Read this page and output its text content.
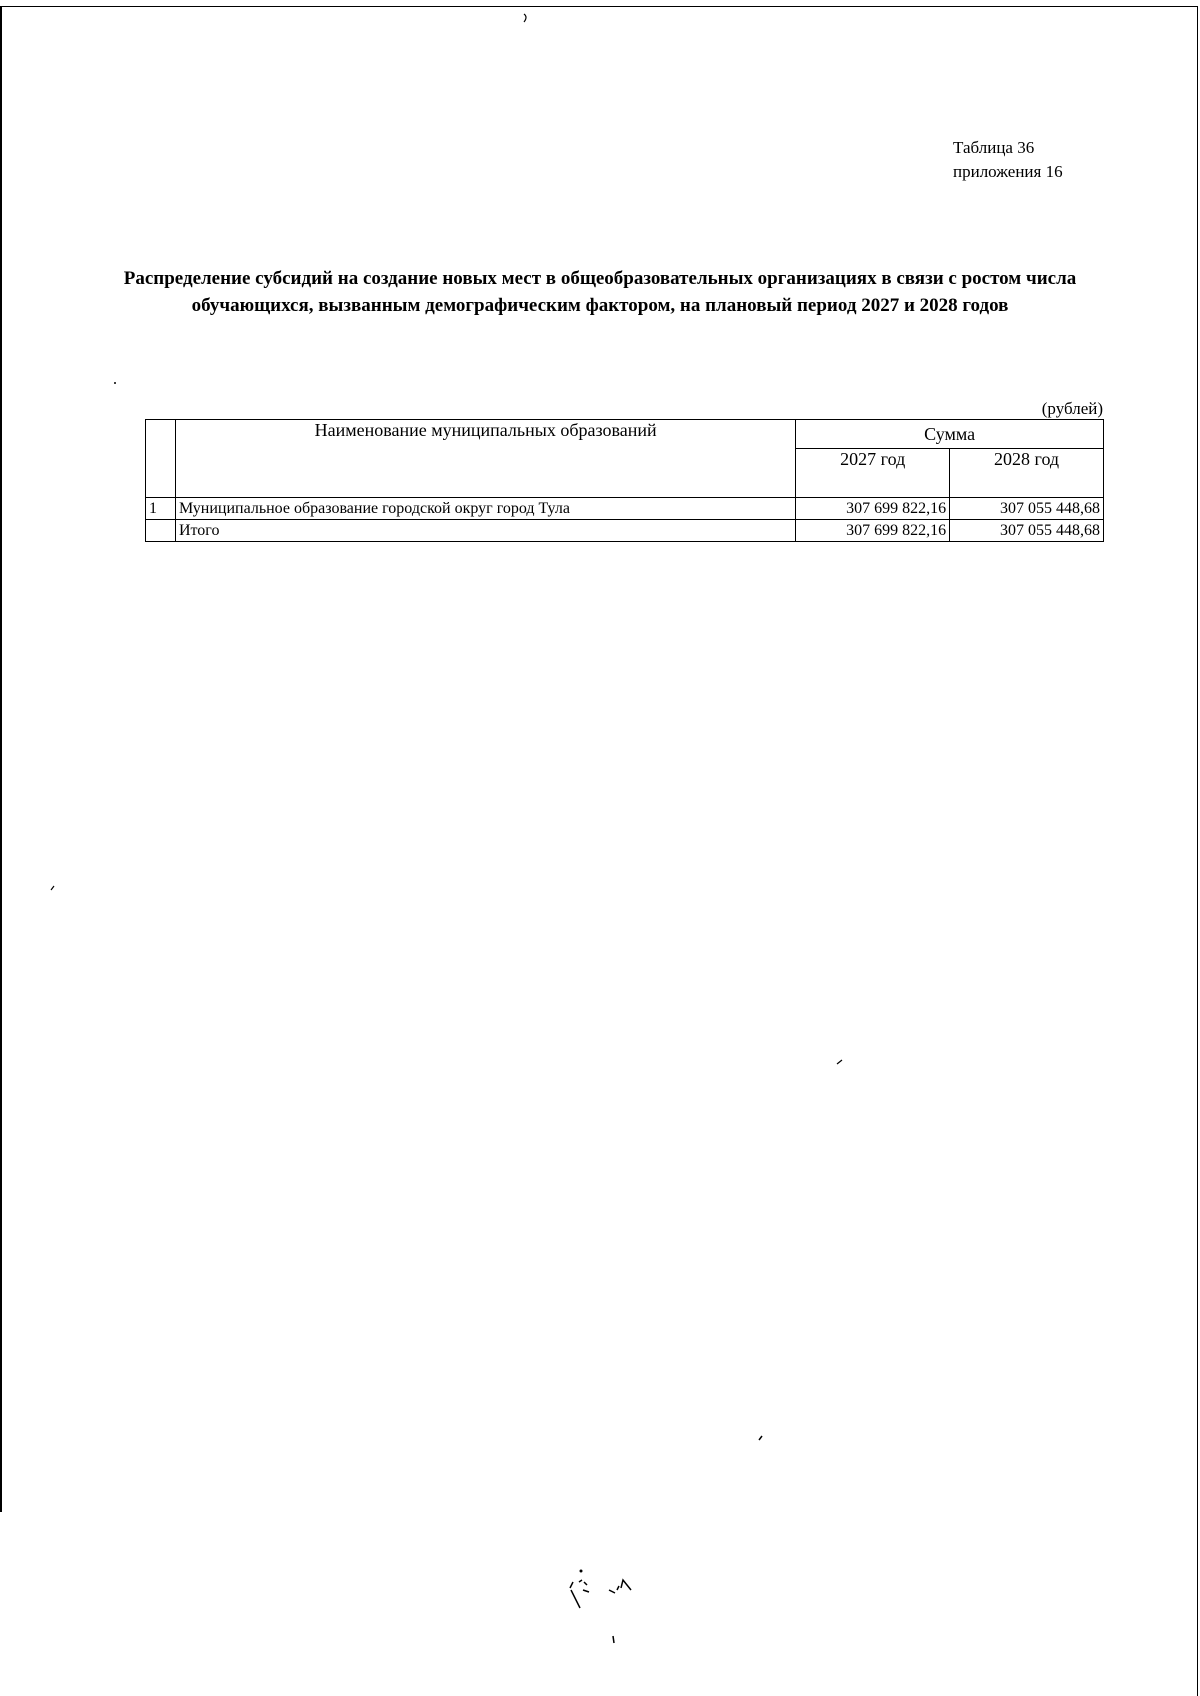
Таблица 36
приложения 16
Распределение субсидий на создание новых мест в общеобразовательных организациях в связи с ростом числа обучающихся, вызванным демографическим фактором, на плановый период 2027 и 2028 годов
(рублей)
	Наименование муниципальных образований	Сумма	
		2027 год	2028 год
1	Муниципальное образование городской округ город Тула	307 699 822,16	307 055 448,68
	Итого	307 699 822,16	307 055 448,68
